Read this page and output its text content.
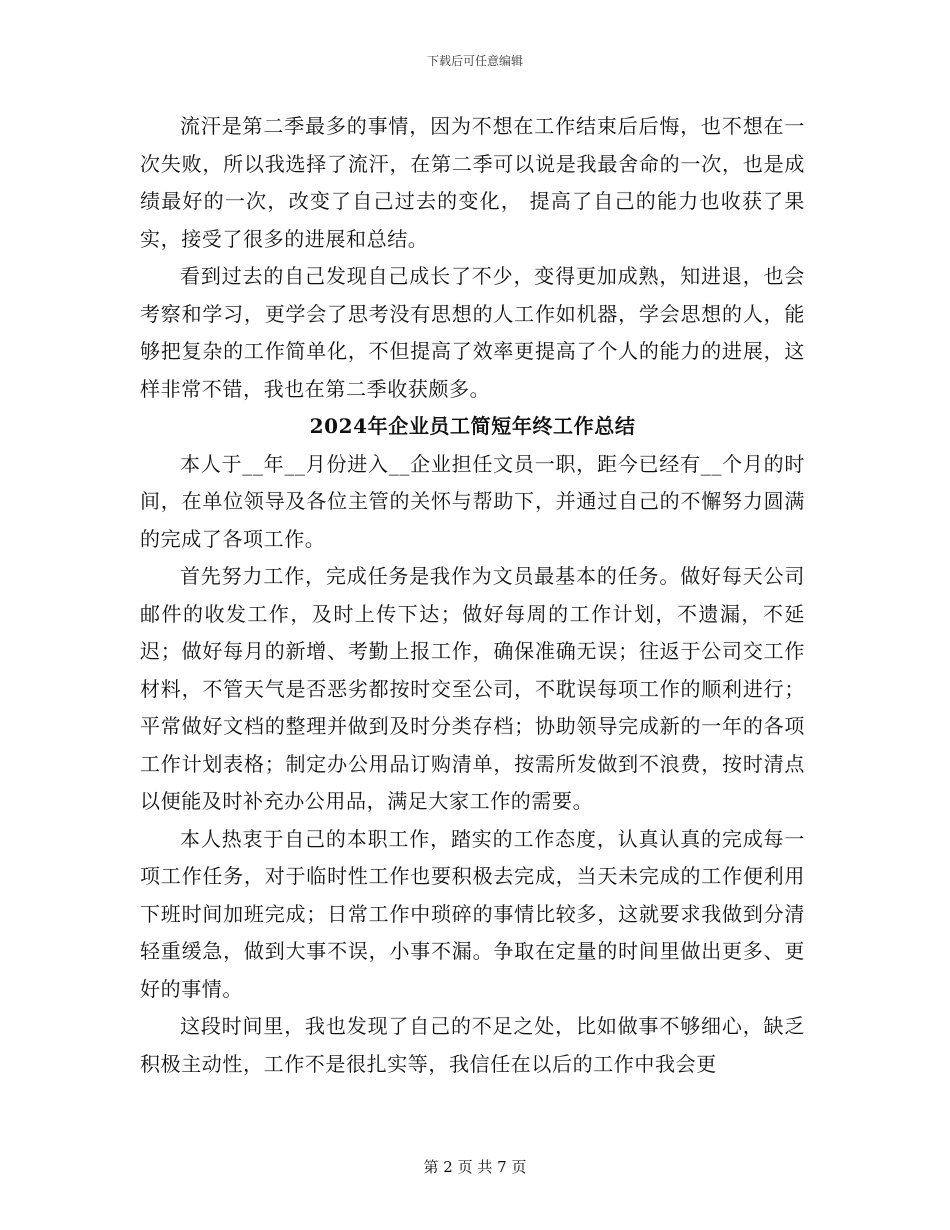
下载后可任意编辑

流汗是第二季最多的事情，因为不想在工作结束后后悔，也不想在一次失败，所以我选择了流汗，在第二季可以说是我最舍命的一次，也是成绩最好的一次，改变了自己过去的变化， 提高了自己的能力也收获了果实，接受了很多的进展和总结。

看到过去的自己发现自己成长了不少，变得更加成熟，知进退，也会考察和学习，更学会了思考没有思想的人工作如机器，学会思想的人，能够把复杂的工作简单化，不但提高了效率更提高了个人的能力的进展，这样非常不错，我也在第二季收获颇多。

2024年企业员工简短年终工作总结

本人于__年__月份进入__企业担任文员一职，距今已经有__个月的时间，在单位领导及各位主管的关怀与帮助下，并通过自己的不懈努力圆满的完成了各项工作。

首先努力工作，完成任务是我作为文员最基本的任务。做好每天公司邮件的收发工作，及时上传下达；做好每周的工作计划，不遗漏，不延迟；做好每月的新增、考勤上报工作，确保准确无误；往返于公司交工作材料，不管天气是否恶劣都按时交至公司，不耽误每项工作的顺利进行；平常做好文档的整理并做到及时分类存档；协助领导完成新的一年的各项工作计划表格；制定办公用品订购清单，按需所发做到不浪费，按时清点以便能及时补充办公用品，满足大家工作的需要。

本人热衷于自己的本职工作，踏实的工作态度，认真认真的完成每一项工作任务，对于临时性工作也要积极去完成，当天未完成的工作便利用下班时间加班完成；日常工作中琐碎的事情比较多，这就要求我做到分清轻重缓急，做到大事不误，小事不漏。争取在定量的时间里做出更多、更好的事情。

这段时间里，我也发现了自己的不足之处，比如做事不够细心，缺乏积极主动性，工作不是很扎实等，我信任在以后的工作中我会更

第 2 页 共 7 页
